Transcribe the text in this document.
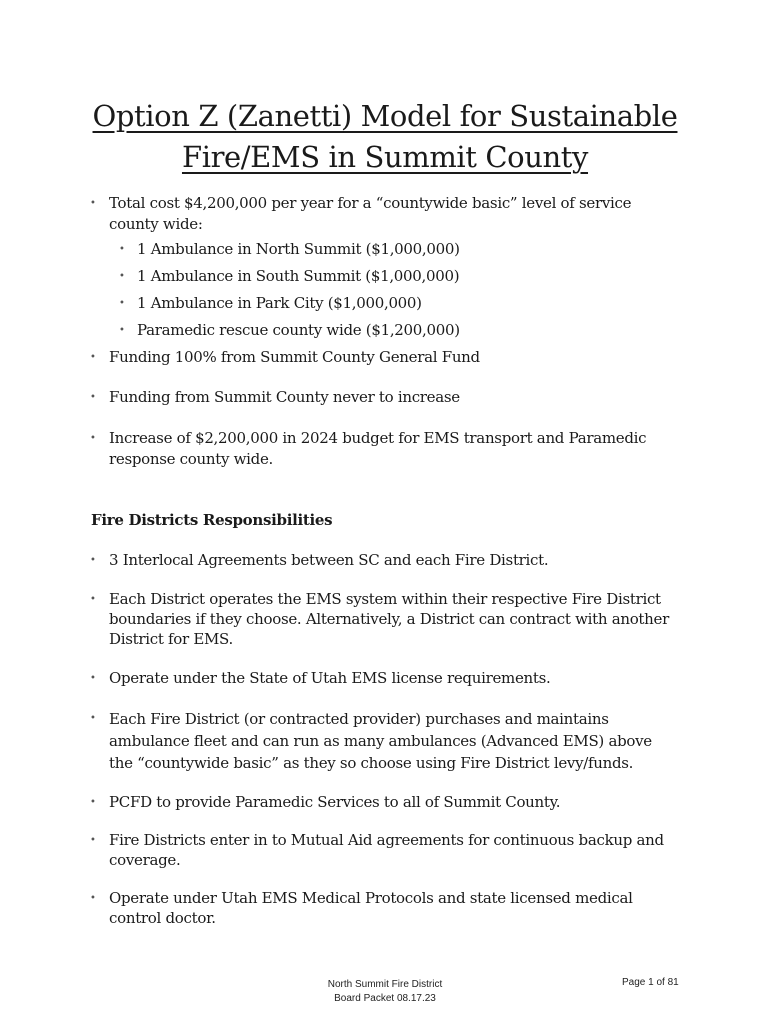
Option Z (Zanetti) Model for Sustainable
Fire/EMS in Summit County
• Total cost $4,200,000 per year for a “countywide basic” level of service county wide:
• 1 Ambulance in North Summit ($1,000,000)
• 1 Ambulance in South Summit ($1,000,000)
• 1 Ambulance in Park City ($1,000,000)
• Paramedic rescue county wide ($1,200,000)
• Funding 100% from Summit County General Fund
• Funding from Summit County never to increase
• Increase of $2,200,000 in 2024 budget for EMS transport and Paramedic response county wide.
Fire Districts Responsibilities
• 3 Interlocal Agreements between SC and each Fire District.
• Each District operates the EMS system within their respective Fire District boundaries if they choose. Alternatively, a District can contract with another District for EMS.
• Operate under the State of Utah EMS license requirements.
• Each Fire District (or contracted provider) purchases and maintains ambulance fleet and can run as many ambulances (Advanced EMS) above the “countywide basic” as they so choose using Fire District levy/funds.
• PCFD to provide Paramedic Services to all of Summit County.
• Fire Districts enter in to Mutual Aid agreements for continuous backup and coverage.
• Operate under Utah EMS Medical Protocols and state licensed medical control doctor.
North Summit Fire District
Board Packet 08.17.23
Page 1 of 81
